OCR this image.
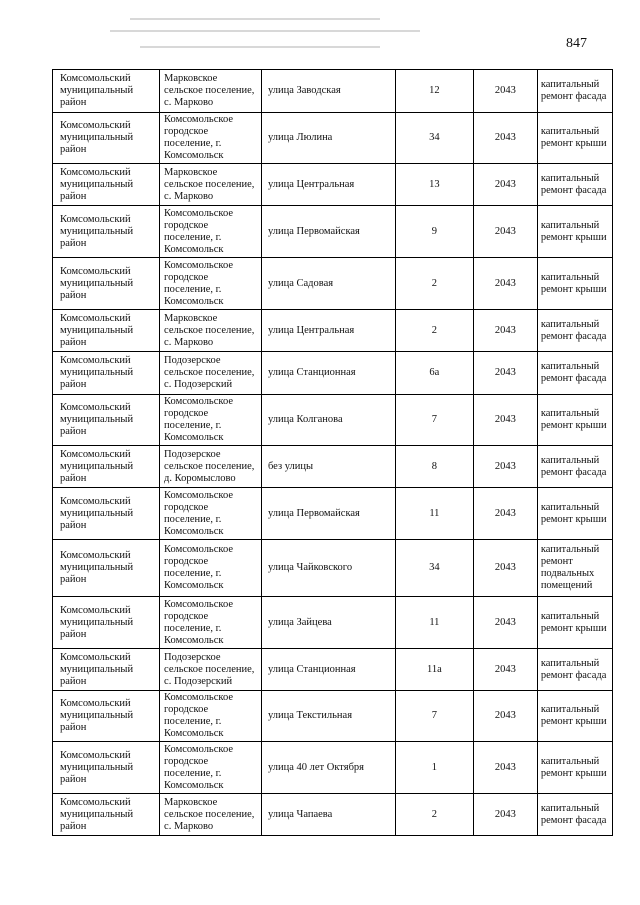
847
Комсомольский
муниципальный
район	Марковское
сельское поселение,
с. Марково	улица Заводская	12	2043	капитальный
ремонт фасада
Комсомольский
муниципальный
район	Комсомольское
городское
поселение, г.
Комсомольск	улица Люлина	34	2043	капитальный
ремонт крыши
Комсомольский
муниципальный
район	Марковское
сельское поселение,
с. Марково	улица Центральная	13	2043	капитальный
ремонт фасада
Комсомольский
муниципальный
район	Комсомольское
городское
поселение, г.
Комсомольск	улица Первомайская	9	2043	капитальный
ремонт крыши
Комсомольский
муниципальный
район	Комсомольское
городское
поселение, г.
Комсомольск	улица Садовая	2	2043	капитальный
ремонт крыши
Комсомольский
муниципальный
район	Марковское
сельское поселение,
с. Марково	улица Центральная	2	2043	капитальный
ремонт фасада
Комсомольский
муниципальный
район	Подозерское
сельское поселение,
с. Подозерский	улица Станционная	6а	2043	капитальный
ремонт фасада
Комсомольский
муниципальный
район	Комсомольское
городское
поселение, г.
Комсомольск	улица Колганова	7	2043	капитальный
ремонт крыши
Комсомольский
муниципальный
район	Подозерское
сельское поселение,
д. Коромыслово	без улицы	8	2043	капитальный
ремонт фасада
Комсомольский
муниципальный
район	Комсомольское
городское
поселение, г.
Комсомольск	улица Первомайская	11	2043	капитальный
ремонт крыши
Комсомольский
муниципальный
район	Комсомольское
городское
поселение, г.
Комсомольск	улица Чайковского	34	2043	капитальный
ремонт
подвальных
помещений
Комсомольский
муниципальный
район	Комсомольское
городское
поселение, г.
Комсомольск	улица Зайцева	11	2043	капитальный
ремонт крыши
Комсомольский
муниципальный
район	Подозерское
сельское поселение,
с. Подозерский	улица Станционная	11а	2043	капитальный
ремонт фасада
Комсомольский
муниципальный
район	Комсомольское
городское
поселение, г.
Комсомольск	улица Текстильная	7	2043	капитальный
ремонт крыши
Комсомольский
муниципальный
район	Комсомольское
городское
поселение, г.
Комсомольск	улица 40 лет Октября	1	2043	капитальный
ремонт крыши
Комсомольский
муниципальный
район	Марковское
сельское поселение,
с. Марково	улица Чапаева	2	2043	капитальный
ремонт фасада
